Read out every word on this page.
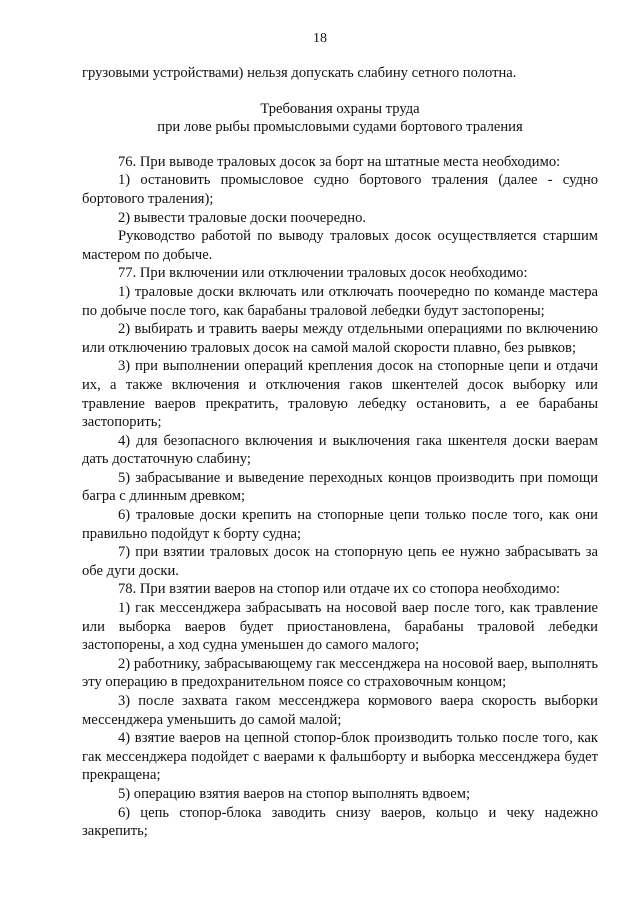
18

грузовыми устройствами) нельзя допускать слабину сетного полотна.

Требования охраны труда
при лове рыбы промысловыми судами бортового траления

76. При выводе траловых досок за борт на штатные места необходимо:

1) остановить промысловое судно бортового траления (далее - судно бортового траления);

2) вывести траловые доски поочередно.

Руководство работой по выводу траловых досок осуществляется старшим мастером по добыче.

77. При включении или отключении траловых досок необходимо:

1) траловые доски включать или отключать поочередно по команде мастера по добыче после того, как барабаны траловой лебедки будут застопорены;

2) выбирать и травить ваеры между отдельными операциями по включению или отключению траловых досок на самой малой скорости плавно, без рывков;

3) при выполнении операций крепления досок на стопорные цепи и отдачи их, а также включения и отключения гаков шкентелей досок выборку или травление ваеров прекратить, траловую лебедку остановить, а ее барабаны застопорить;

4) для безопасного включения и выключения гака шкентеля доски ваерам дать достаточную слабину;

5) забрасывание и выведение переходных концов производить при помощи багра с длинным древком;

6) траловые доски крепить на стопорные цепи только после того, как они правильно подойдут к борту судна;

7) при взятии траловых досок на стопорную цепь ее нужно забрасывать за обе дуги доски.

78. При взятии ваеров на стопор или отдаче их со стопора необходимо:

1) гак мессенджера забрасывать на носовой ваер после того, как травление или выборка ваеров будет приостановлена, барабаны траловой лебедки застопорены, а ход судна уменьшен до самого малого;

2) работнику, забрасывающему гак мессенджера на носовой ваер, выполнять эту операцию в предохранительном поясе со страховочным концом;

3) после захвата гаком мессенджера кормового ваера скорость выборки мессенджера уменьшить до самой малой;

4) взятие ваеров на цепной стопор-блок производить только после того, как гак мессенджера подойдет с ваерами к фальшборту и выборка мессенджера будет прекращена;

5) операцию взятия ваеров на стопор выполнять вдвоем;

6) цепь стопор-блока заводить снизу ваеров, кольцо и чеку надежно закрепить;
